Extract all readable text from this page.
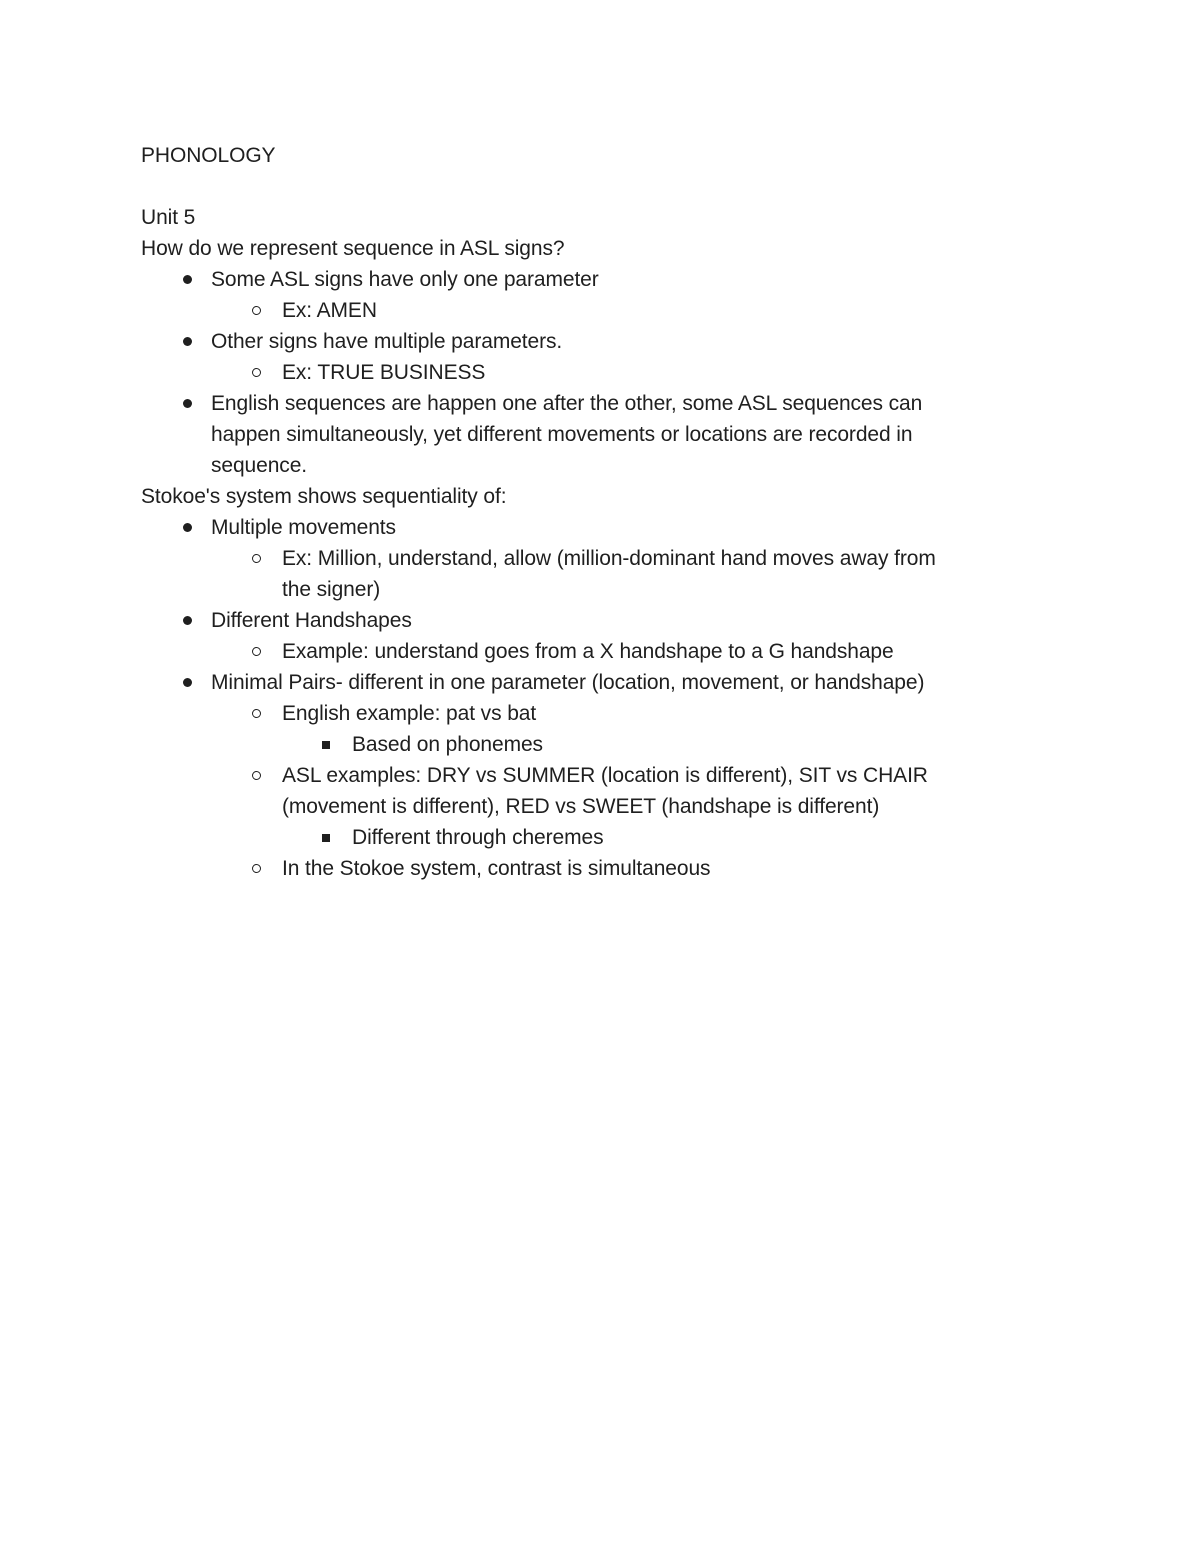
PHONOLOGY

Unit 5

How do we represent sequence in ASL signs?

Some ASL signs have only one parameter
Ex: AMEN
Other signs have multiple parameters.
Ex: TRUE BUSINESS
English sequences are happen one after the other, some ASL sequences can
happen simultaneously, yet different movements or locations are recorded in
sequence.

Stokoe's system shows sequentiality of:

Multiple movements
Ex: Million, understand, allow (million-dominant hand moves away from
the signer)
Different Handshapes
Example: understand goes from a X handshape to a G handshape
Minimal Pairs- different in one parameter (location, movement, or handshape)
English example: pat vs bat
Based on phonemes
ASL examples: DRY vs SUMMER (location is different), SIT vs CHAIR
(movement is different), RED vs SWEET (handshape is different)
Different through cheremes
In the Stokoe system, contrast is simultaneous
